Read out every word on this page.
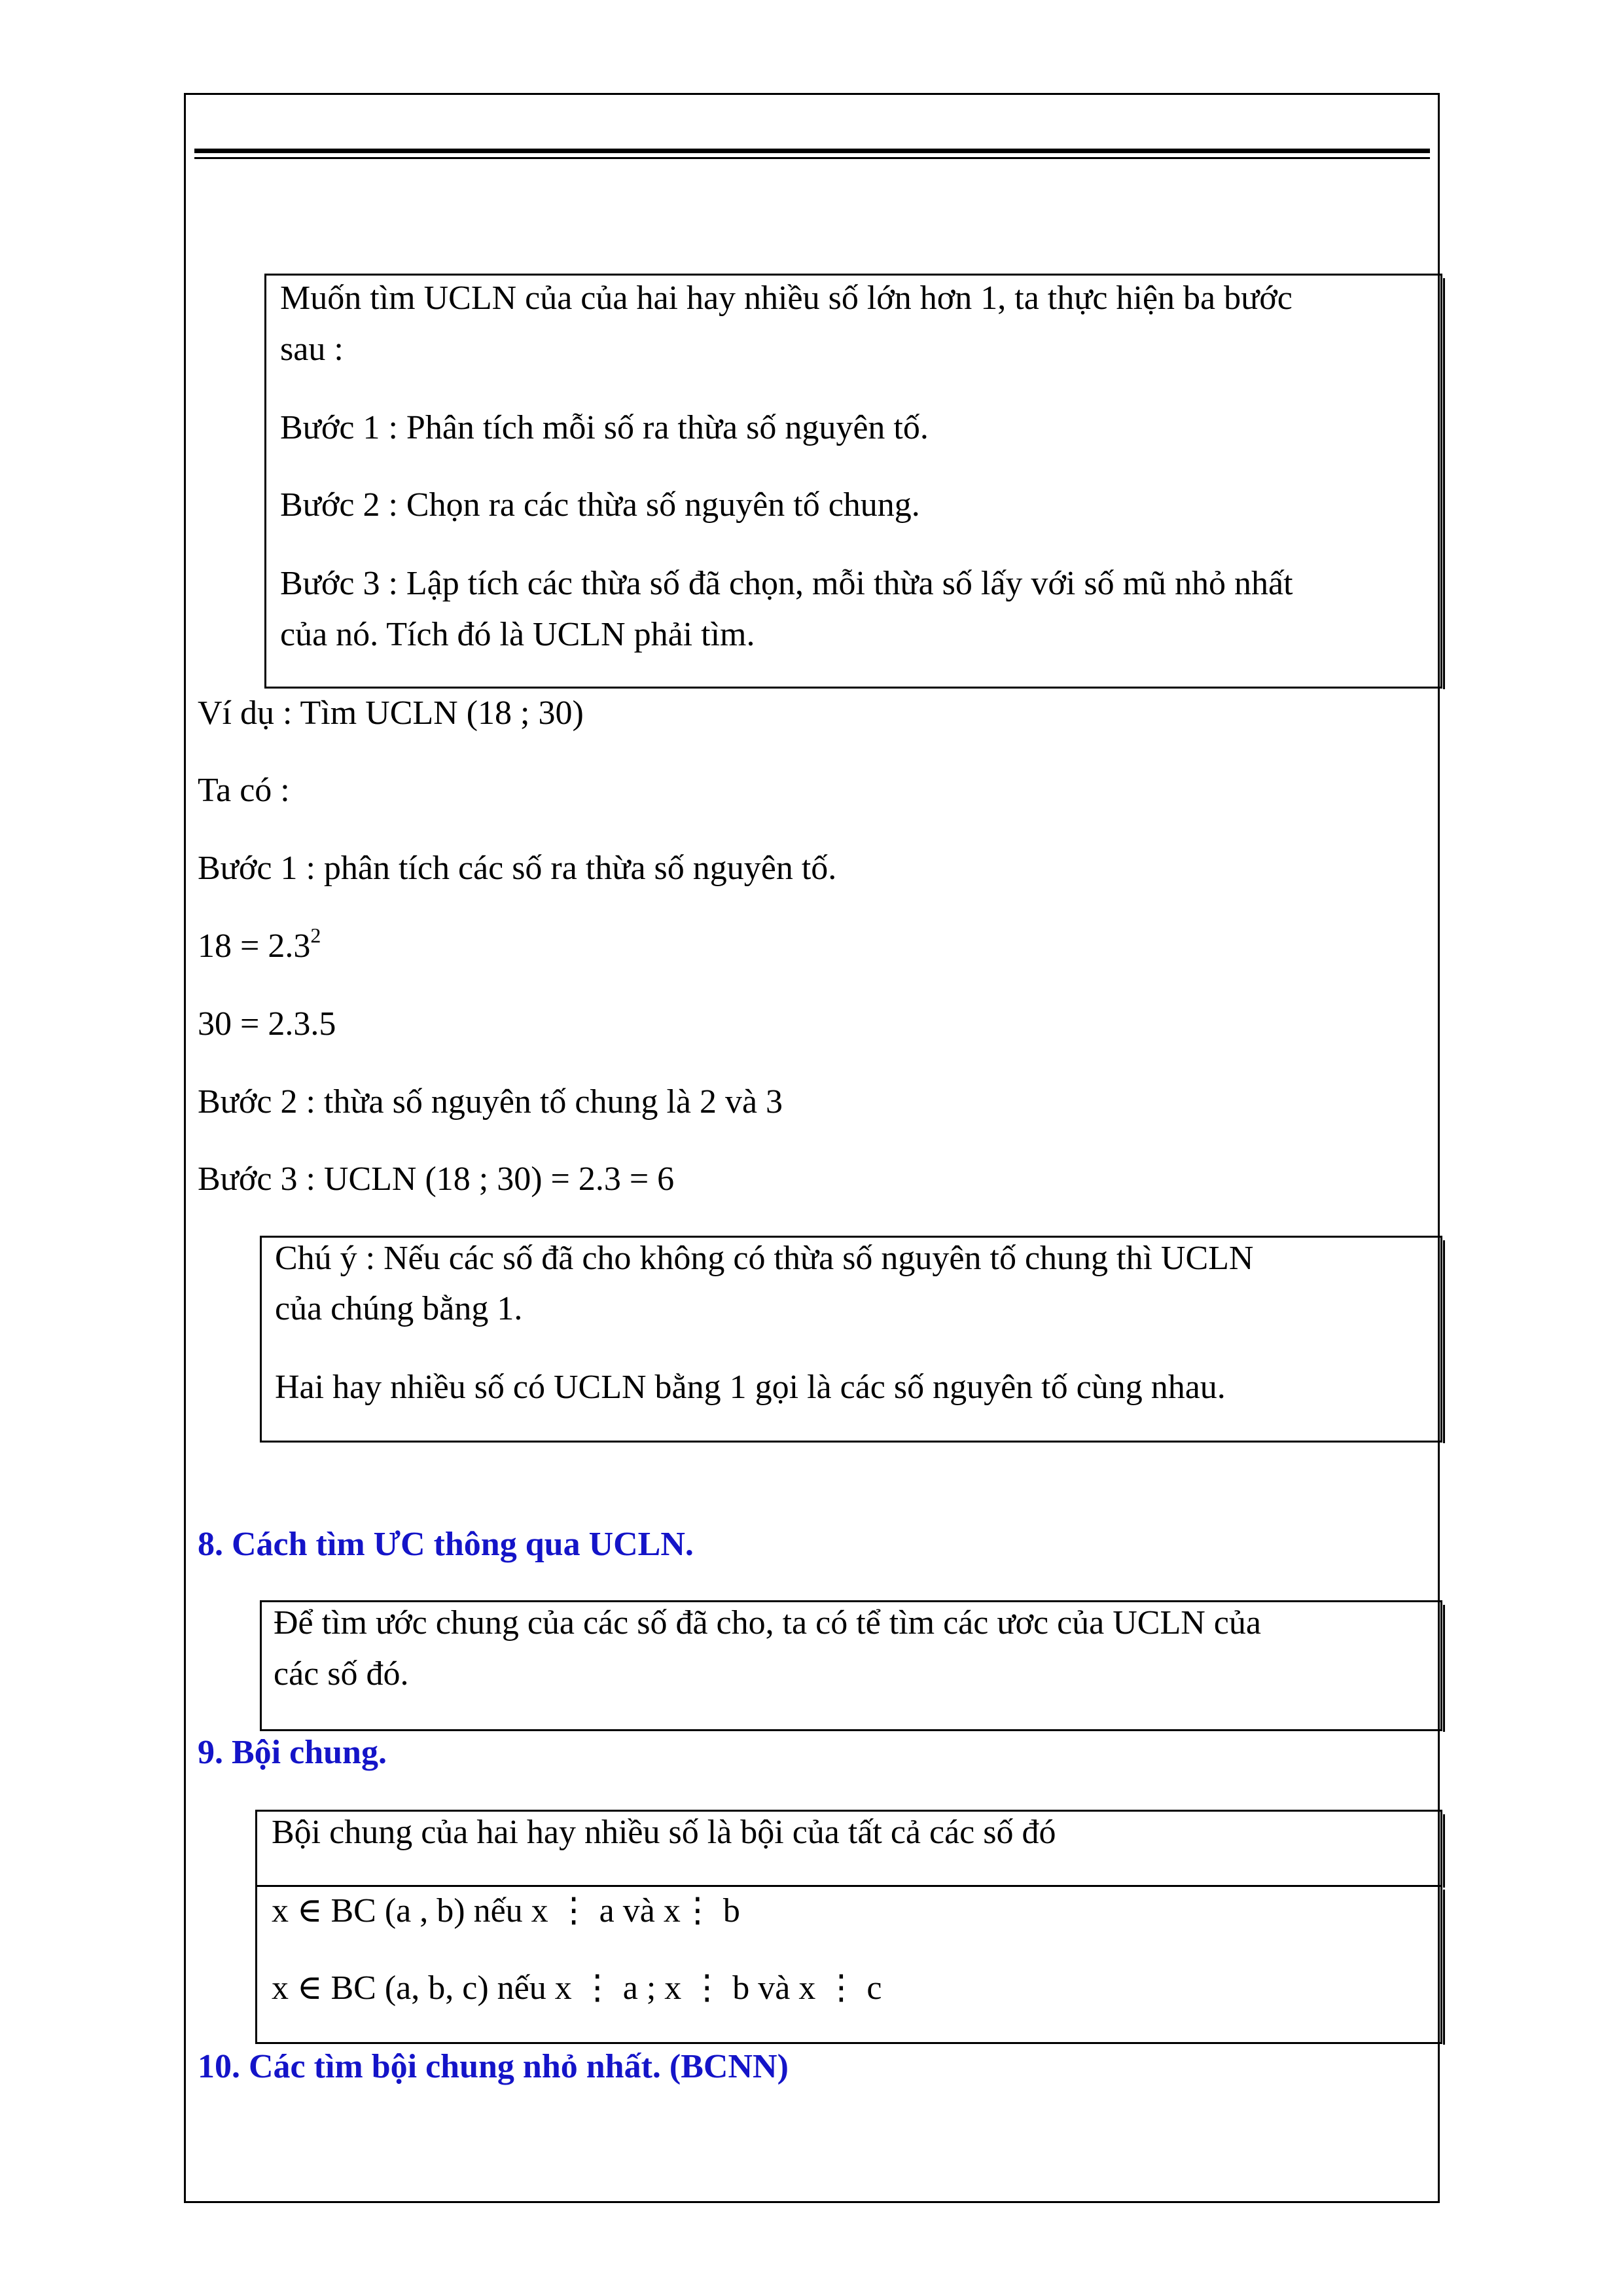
Muốn tìm UCLN của của hai hay nhiều số lớn hơn 1, ta thực hiện ba bước
sau :
Bước 1 : Phân tích mỗi số ra thừa số nguyên tố.
Bước 2 : Chọn ra các thừa số nguyên tố chung.
Bước 3 : Lập tích các thừa số đã chọn, mỗi thừa số lấy với số mũ nhỏ nhất
của nó. Tích đó là UCLN phải tìm.
Ví dụ : Tìm UCLN (18 ; 30)
Ta có :
Bước 1 : phân tích các số ra thừa số nguyên tố.
$18 = 2.3^2$
30 = 2.3.5
Bước 2 : thừa số nguyên tố chung là 2 và 3
Bước 3 : UCLN (18 ; 30) = 2.3 = 6
Chú ý : Nếu các số đã cho không có thừa số nguyên tố chung thì UCLN
của chúng bằng 1.
Hai hay nhiều số có UCLN bằng 1 gọi là các số nguyên tố cùng nhau.
8. Cách tìm ƯC thông qua UCLN.
Để tìm ước chung của các số đã cho, ta có tể tìm các ươc của UCLN của
các số đó.
9. Bội chung.
Bội chung của hai hay nhiều số là bội của tất cả các số đó
x ∈ BC (a , b) nếu x ⋮ a và x⋮ b
x ∈ BC (a, b, c) nếu x ⋮ a ; x ⋮ b và x ⋮ c
10. Các tìm bội chung nhỏ nhất. (BCNN)
